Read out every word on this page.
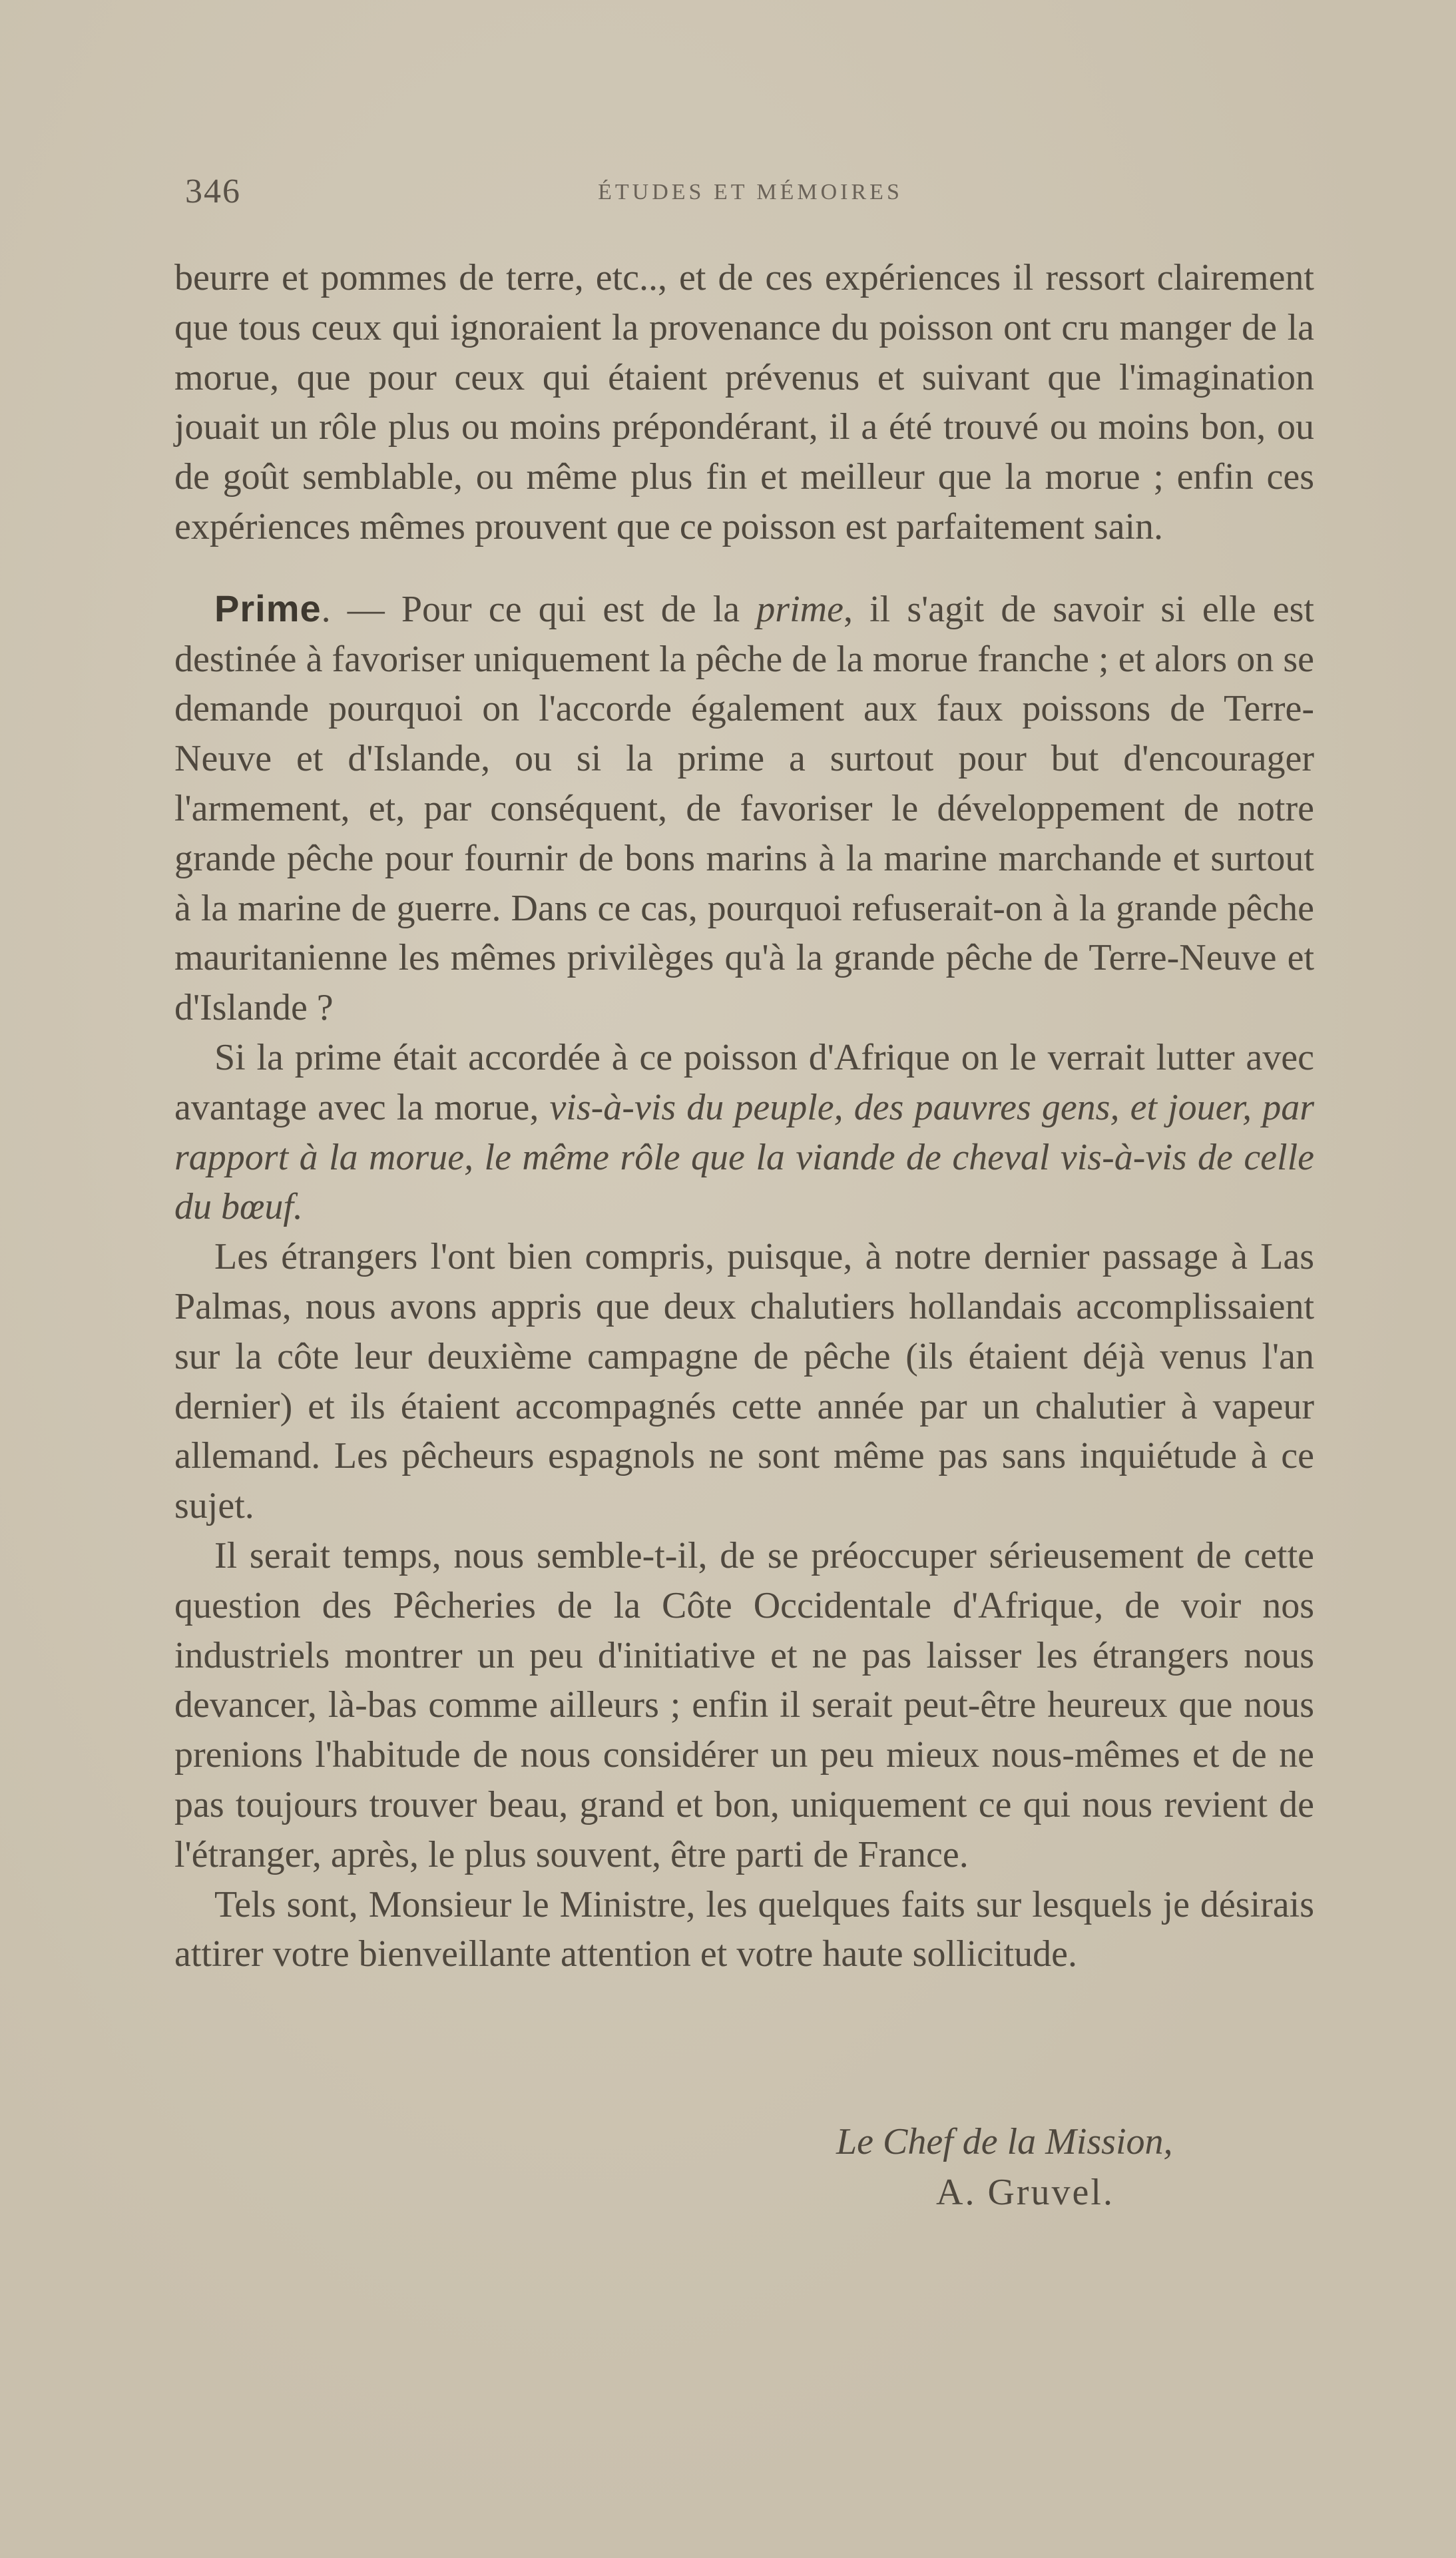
346	ÉTUDES ET MÉMOIRES

beurre et pommes de terre, etc.., et de ces expériences il ressort clairement que tous ceux qui ignoraient la provenance du poisson ont cru manger de la morue, que pour ceux qui étaient prévenus et suivant que l'imagination jouait un rôle plus ou moins prépondérant, il a été trouvé ou moins bon, ou de goût semblable, ou même plus fin et meilleur que la morue ; enfin ces expériences mêmes prouvent que ce poisson est parfaitement sain.

Prime. — Pour ce qui est de la prime, il s'agit de savoir si elle est destinée à favoriser uniquement la pêche de la morue franche ; et alors on se demande pourquoi on l'accorde également aux faux poissons de Terre-Neuve et d'Islande, ou si la prime a surtout pour but d'encourager l'armement, et, par conséquent, de favoriser le développement de notre grande pêche pour fournir de bons marins à la marine marchande et surtout à la marine de guerre. Dans ce cas, pourquoi refuserait-on à la grande pêche mauritanienne les mêmes privilèges qu'à la grande pêche de Terre-Neuve et d'Islande ?

Si la prime était accordée à ce poisson d'Afrique on le verrait lutter avec avantage avec la morue, vis-à-vis du peuple, des pauvres gens, et jouer, par rapport à la morue, le même rôle que la viande de cheval vis-à-vis de celle du bœuf.

Les étrangers l'ont bien compris, puisque, à notre dernier passage à Las Palmas, nous avons appris que deux chalutiers hollandais accomplissaient sur la côte leur deuxième campagne de pêche (ils étaient déjà venus l'an dernier) et ils étaient accompagnés cette année par un chalutier à vapeur allemand. Les pêcheurs espagnols ne sont même pas sans inquiétude à ce sujet.

Il serait temps, nous semble-t-il, de se préoccuper sérieusement de cette question des Pêcheries de la Côte Occidentale d'Afrique, de voir nos industriels montrer un peu d'initiative et ne pas laisser les étrangers nous devancer, là-bas comme ailleurs ; enfin il serait peut-être heureux que nous prenions l'habitude de nous considérer un peu mieux nous-mêmes et de ne pas toujours trouver beau, grand et bon, uniquement ce qui nous revient de l'étranger, après, le plus souvent, être parti de France.

Tels sont, Monsieur le Ministre, les quelques faits sur lesquels je désirais attirer votre bienveillante attention et votre haute sollicitude.

Le Chef de la Mission,
A. Gruvel.
